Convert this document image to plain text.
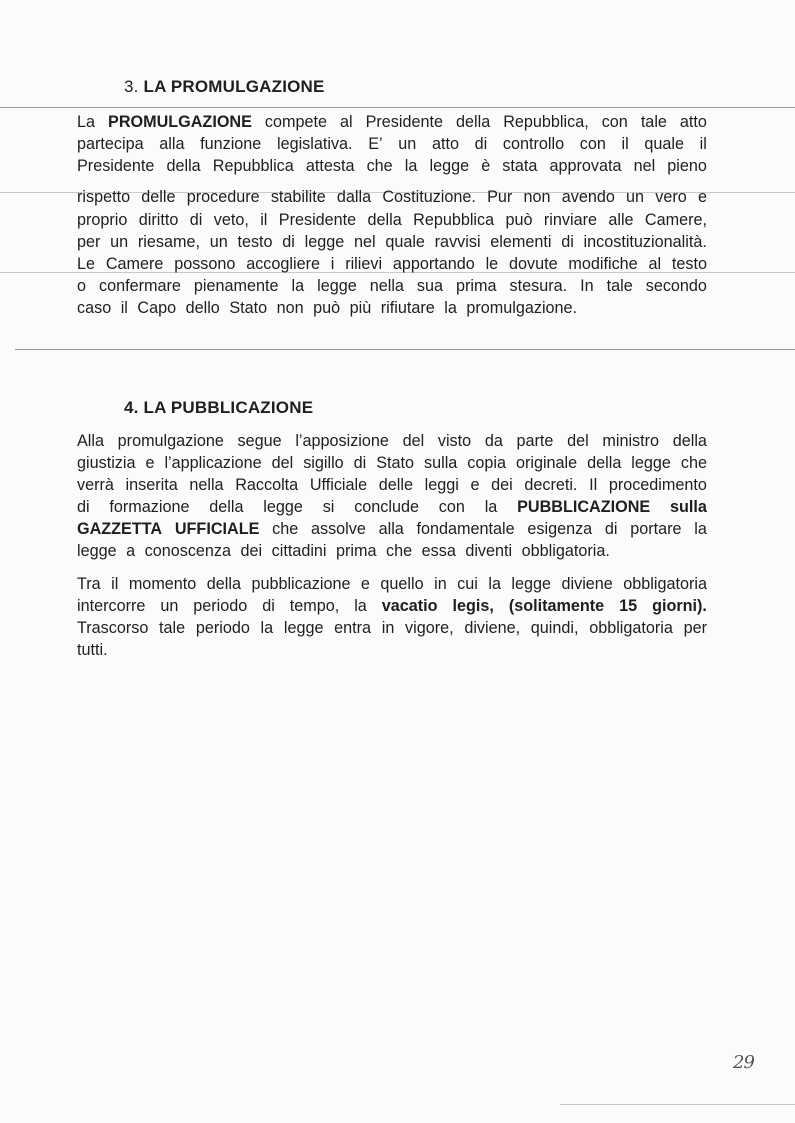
3. LA PROMULGAZIONE
La PROMULGAZIONE compete al Presidente della Repubblica, con tale atto
partecipa alla funzione legislativa. E’ un atto di controllo con il quale il
Presidente della Repubblica attesta che la legge è stata approvata nel pieno
rispetto delle procedure stabilite dalla Costituzione. Pur non avendo un vero e
proprio diritto di veto, il Presidente della Repubblica può rinviare alle Camere,
per un riesame, un testo di legge nel quale ravvisi elementi di incostituzionalità.
Le Camere possono accogliere i rilievi apportando le dovute modifiche al testo
o confermare pienamente la legge nella sua prima stesura. In tale secondo
caso il Capo dello Stato non può più rifiutare la promulgazione.
4. LA PUBBLICAZIONE
Alla promulgazione segue l’apposizione del visto da parte del ministro della
giustizia e l’applicazione del sigillo di Stato sulla copia originale della legge che
verrà inserita nella Raccolta Ufficiale delle leggi e dei decreti. Il procedimento
di formazione della legge si conclude con la PUBBLICAZIONE sulla
GAZZETTA UFFICIALE che assolve alla fondamentale esigenza di portare la
legge a conoscenza dei cittadini prima che essa diventi obbligatoria.
Tra il momento della pubblicazione e quello in cui la legge diviene obbligatoria
intercorre un periodo di tempo, la vacatio legis, (solitamente 15 giorni).
Trascorso tale periodo la legge entra in vigore, diviene, quindi, obbligatoria per
tutti.
29
